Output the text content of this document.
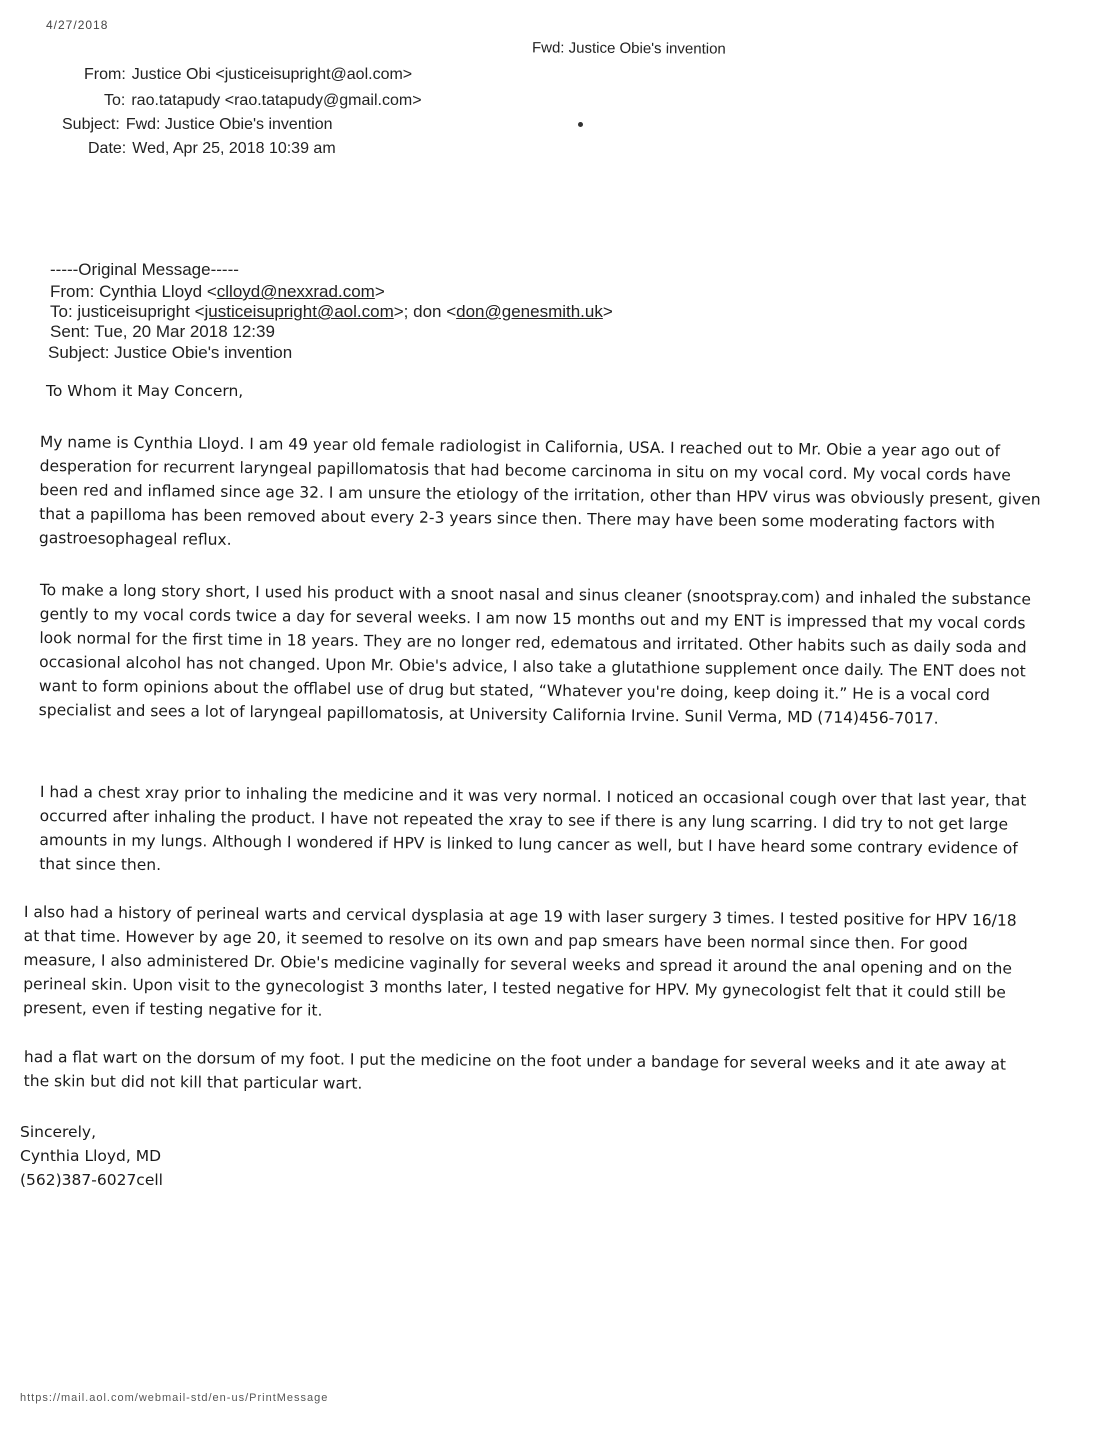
4/27/2018
Fwd: Justice Obie's invention
From: Justice Obi <justiceisupright@aol.com>
To: rao.tatapudy <rao.tatapudy@gmail.com>
Subject: Fwd: Justice Obie's invention
Date: Wed, Apr 25, 2018 10:39 am
-----Original Message-----
From: Cynthia Lloyd <clloyd@nexxrad.com>
To: justiceisupright <justiceisupright@aol.com>; don <don@genesmith.uk>
Sent: Tue, 20 Mar 2018 12:39
Subject: Justice Obie's invention
To Whom it May Concern,

My name is Cynthia Lloyd. I am 49 year old female radiologist in California, USA. I reached out to Mr. Obie a year ago out of desperation for recurrent laryngeal papillomatosis that had become carcinoma in situ on my vocal cord. My vocal cords have been red and inflamed since age 32. I am unsure the etiology of the irritation, other than HPV virus was obviously present, given that a papilloma has been removed about every 2-3 years since then. There may have been some moderating factors with gastroesophageal reflux.

To make a long story short, I used his product with a snoot nasal and sinus cleaner (snootspray.com) and inhaled the substance gently to my vocal cords twice a day for several weeks. I am now 15 months out and my ENT is impressed that my vocal cords look normal for the first time in 18 years. They are no longer red, edematous and irritated. Other habits such as daily soda and occasional alcohol has not changed. Upon Mr. Obie's advice, I also take a glutathione supplement once daily. The ENT does not want to form opinions about the offlabel use of drug but stated, “Whatever you're doing, keep doing it.” He is a vocal cord specialist and sees a lot of laryngeal papillomatosis, at University California Irvine. Sunil Verma, MD (714)456-7017.

I had a chest xray prior to inhaling the medicine and it was very normal. I noticed an occasional cough over that last year, that occurred after inhaling the product. I have not repeated the xray to see if there is any lung scarring. I did try to not get large amounts in my lungs. Although I wondered if HPV is linked to lung cancer as well, but I have heard some contrary evidence of that since then.

I also had a history of perineal warts and cervical dysplasia at age 19 with laser surgery 3 times. I tested positive for HPV 16/18 at that time. However by age 20, it seemed to resolve on its own and pap smears have been normal since then. For good measure, I also administered Dr. Obie's medicine vaginally for several weeks and spread it around the anal opening and on the perineal skin. Upon visit to the gynecologist 3 months later, I tested negative for HPV. My gynecologist felt that it could still be present, even if testing negative for it.

had a flat wart on the dorsum of my foot. I put the medicine on the foot under a bandage for several weeks and it ate away at the skin but did not kill that particular wart.

Sincerely,
Cynthia Lloyd, MD
(562)387-6027cell
https://mail.aol.com/webmail-std/en-us/PrintMessage
